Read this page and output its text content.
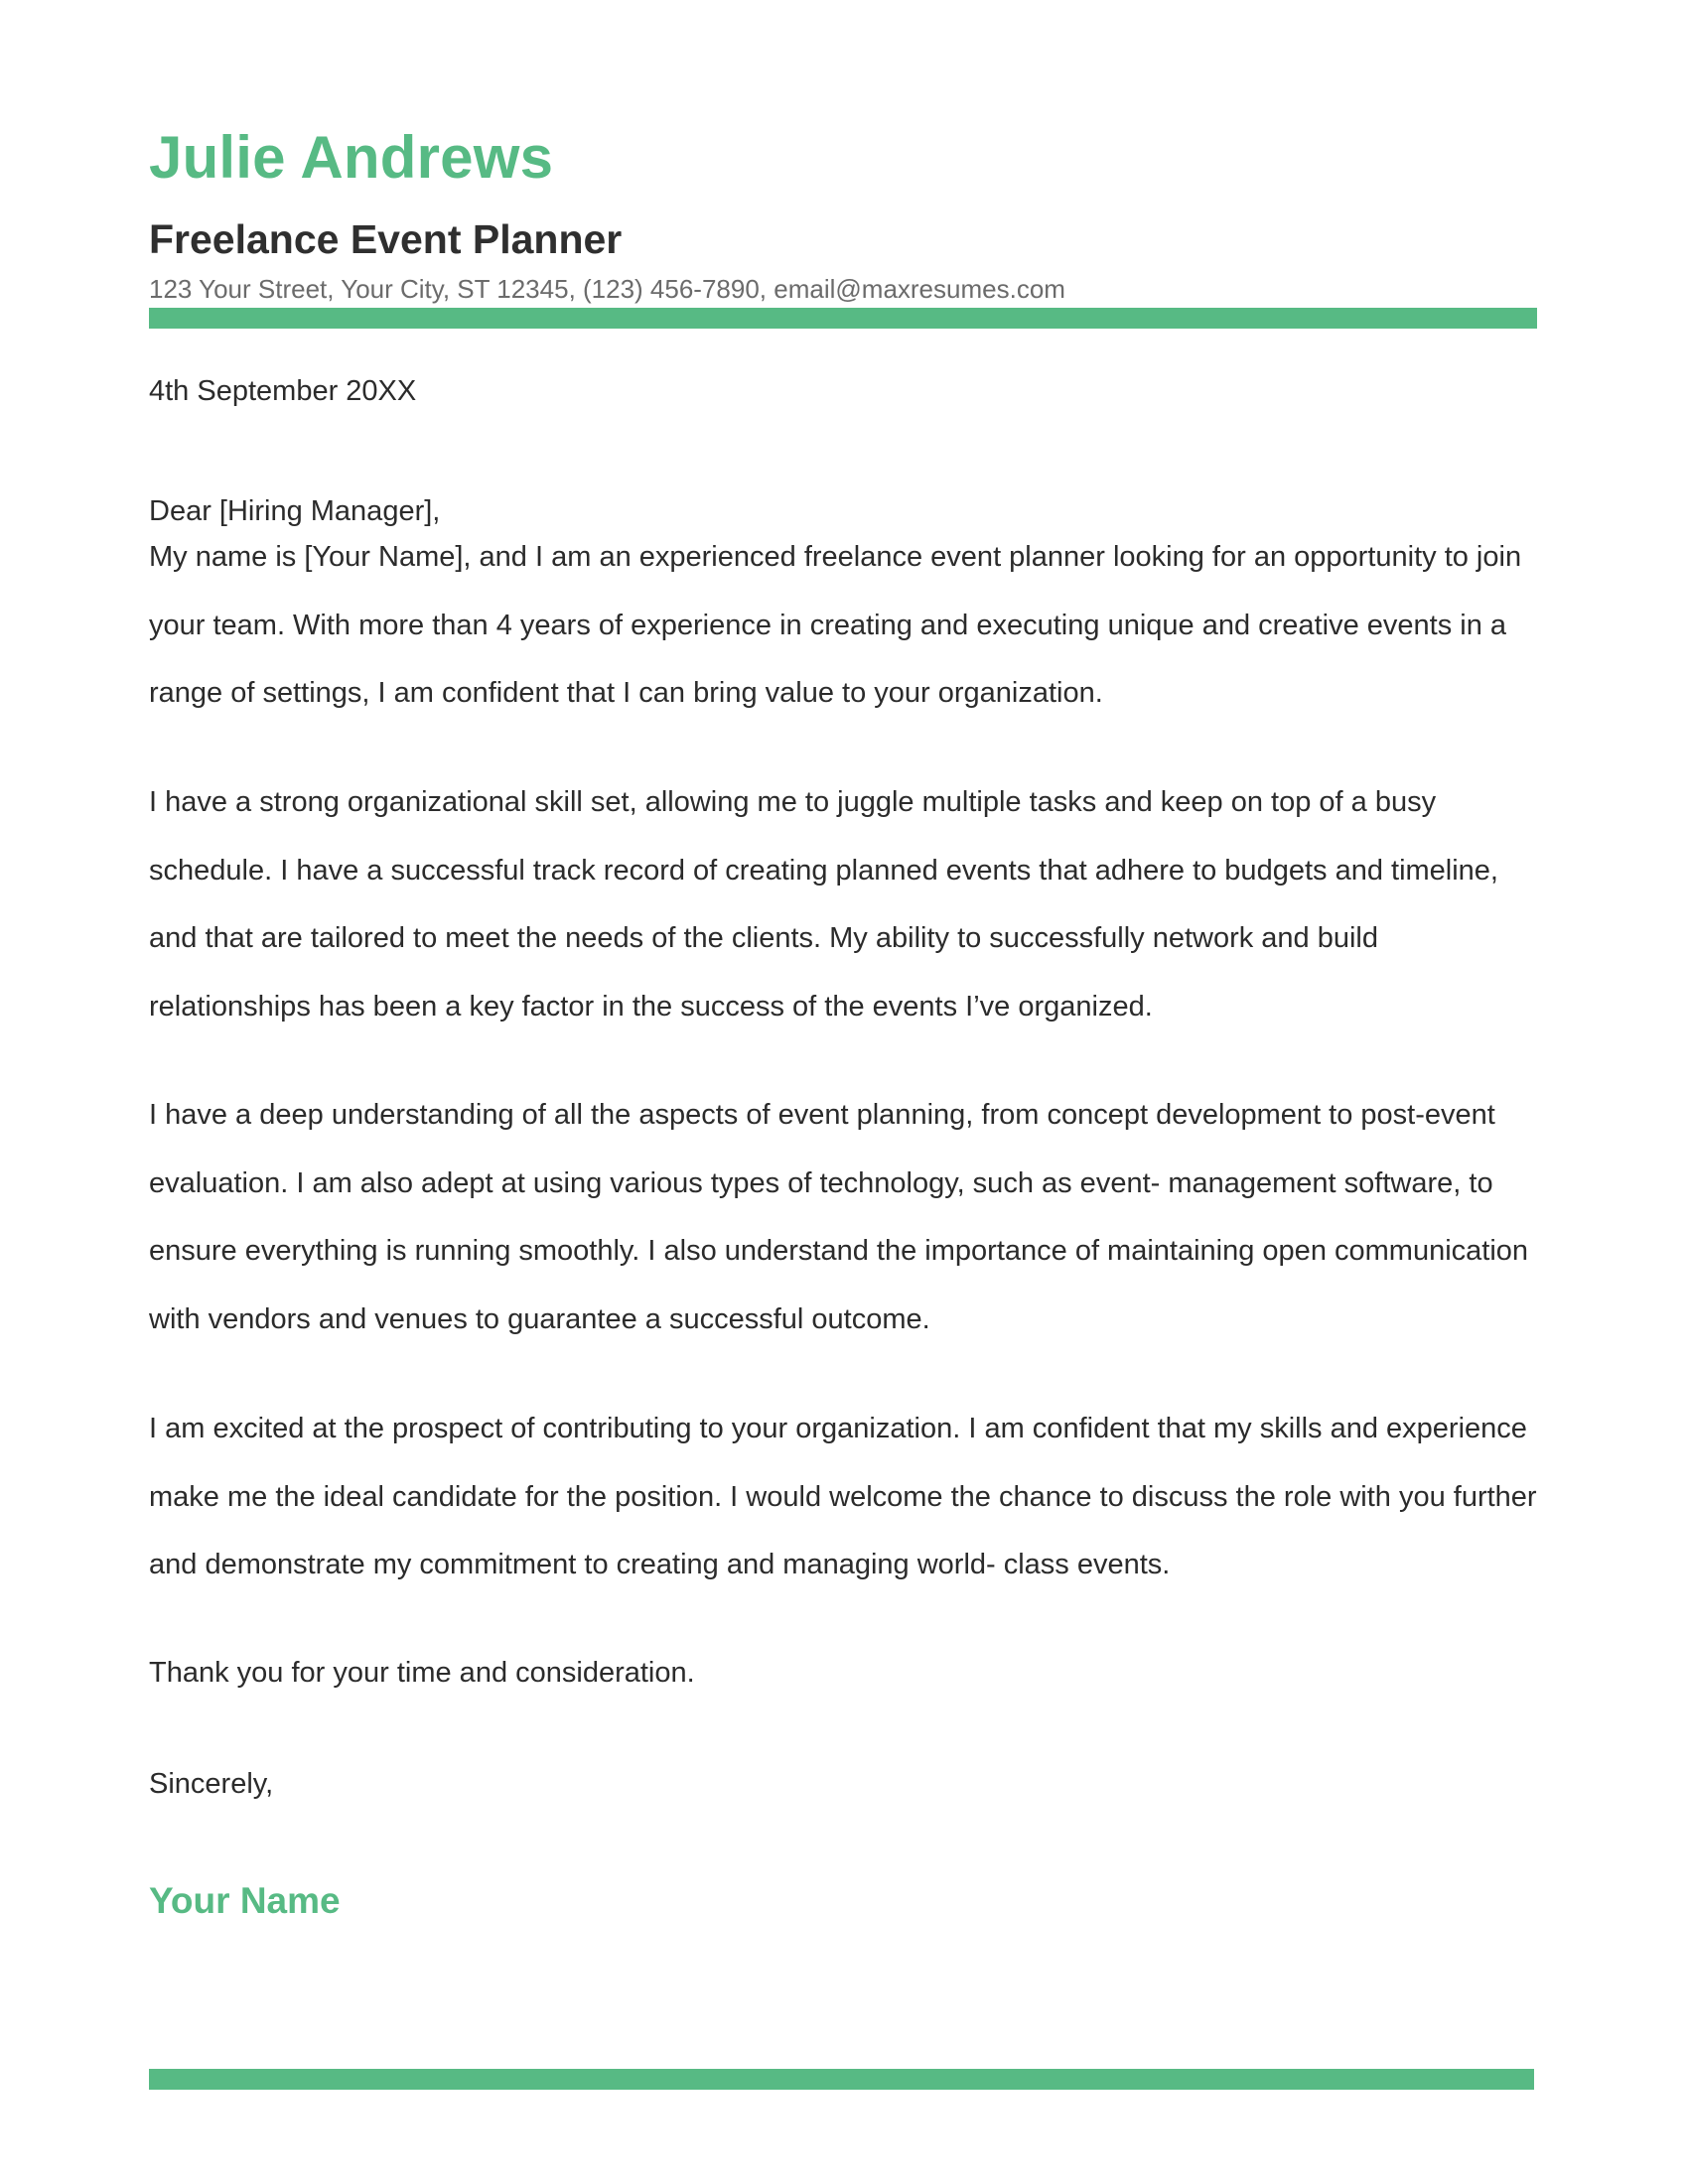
Julie Andrews
Freelance Event Planner
123 Your Street, Your City, ST 12345, (123) 456-7890, email@maxresumes.com
4th September 20XX
Dear [Hiring Manager],

My name is [Your Name], and I am an experienced freelance event planner looking for an opportunity to join your team. With more than 4 years of experience in creating and executing unique and creative events in a range of settings, I am confident that I can bring value to your organization.

I have a strong organizational skill set, allowing me to juggle multiple tasks and keep on top of a busy schedule. I have a successful track record of creating planned events that adhere to budgets and timeline, and that are tailored to meet the needs of the clients. My ability to successfully network and build relationships has been a key factor in the success of the events I’ve organized.

I have a deep understanding of all the aspects of event planning, from concept development to post-event evaluation. I am also adept at using various types of technology, such as event- management software, to ensure everything is running smoothly. I also understand the importance of maintaining open communication with vendors and venues to guarantee a successful outcome.

I am excited at the prospect of contributing to your organization. I am confident that my skills and experience make me the ideal candidate for the position. I would welcome the chance to discuss the role with you further and demonstrate my commitment to creating and managing world- class events.

Thank you for your time and consideration.

Sincerely,
Your Name
